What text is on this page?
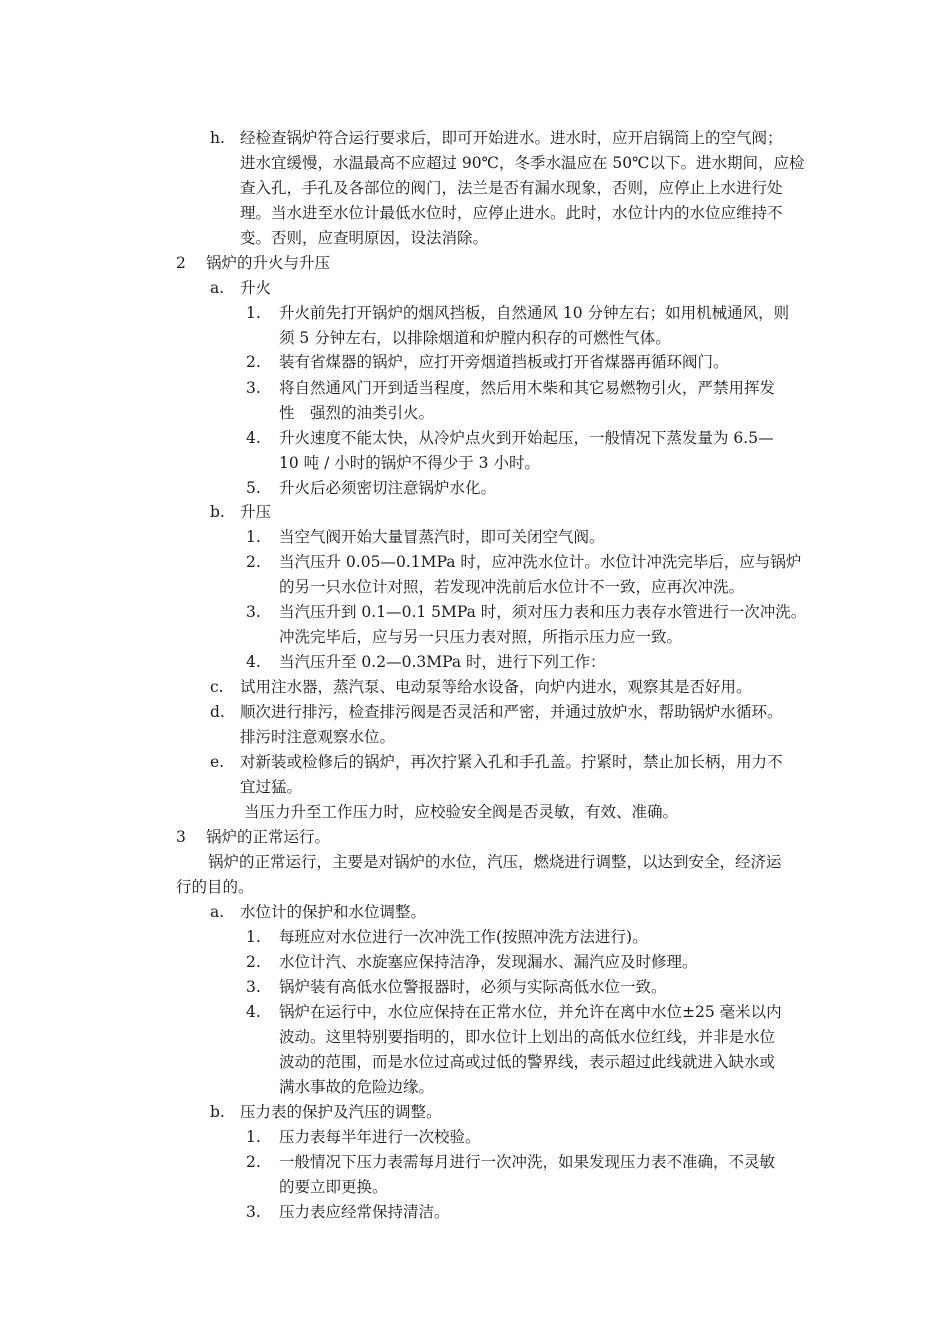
h. 经检查锅炉符合运行要求后，即可开始进水。进水时，应开启锅筒上的空气阀；
进水宜缓慢，水温最高不应超过 90℃，冬季水温应在 50℃以下。进水期间，应检
查入孔，手孔及各部位的阀门，法兰是否有漏水现象，否则，应停止上水进行处
理。当水进至水位计最低水位时，应停止进水。此时，水位计内的水位应维持不
变。否则，应查明原因，设法消除。
2 锅炉的升火与升压
a. 升火
1. 升火前先打开锅炉的烟风挡板，自然通风 10 分钟左右；如用机械通风，则
须 5 分钟左右，以排除烟道和炉膛内积存的可燃性气体。
2. 装有省煤器的锅炉，应打开旁烟道挡板或打开省煤器再循环阀门。
3. 将自然通风门开到适当程度，然后用木柴和其它易燃物引火，严禁用挥发
性　强烈的油类引火。
4. 升火速度不能太快，从冷炉点火到开始起压，一般情况下蒸发量为 6.5—
10 吨 / 小时的锅炉不得少于 3 小时。
5. 升火后必须密切注意锅炉水化。
b. 升压
1. 当空气阀开始大量冒蒸汽时，即可关闭空气阀。
2. 当汽压升 0.05—0.1MPa 时，应冲洗水位计。水位计冲洗完毕后，应与锅炉
的另一只水位计对照，若发现冲洗前后水位计不一致，应再次冲洗。
3. 当汽压升到 0.1—0.1 5MPa 时，须对压力表和压力表存水管进行一次冲洗。
冲洗完毕后，应与另一只压力表对照，所指示压力应一致。
4. 当汽压升至 0.2—0.3MPa 时，进行下列工作：
c. 试用注水器，蒸汽泵、电动泵等给水设备，向炉内进水，观察其是否好用。
d. 顺次进行排污，检查排污阀是否灵活和严密，并通过放炉水，帮助锅炉水循环。
排污时注意观察水位。
e. 对新装或检修后的锅炉，再次拧紧入孔和手孔盖。拧紧时，禁止加长柄，用力不
宜过猛。
当压力升至工作压力时，应校验安全阀是否灵敏，有效、准确。
3 锅炉的正常运行。
锅炉的正常运行，主要是对锅炉的水位，汽压，燃烧进行调整，以达到安全，经济运
行的目的。
a. 水位计的保护和水位调整。
1. 每班应对水位进行一次冲洗工作(按照冲洗方法进行)。
2. 水位计汽、水旋塞应保持洁净，发现漏水、漏汽应及时修理。
3. 锅炉装有高低水位警报器时，必须与实际高低水位一致。
4. 锅炉在运行中，水位应保持在正常水位，并允许在离中水位±25 毫米以内
波动。这里特别要指明的，即水位计上划出的高低水位红线，并非是水位
波动的范围，而是水位过高或过低的警界线，表示超过此线就进入缺水或
满水事故的危险边缘。
b. 压力表的保护及汽压的调整。
1. 压力表每半年进行一次校验。
2. 一般情况下压力表需每月进行一次冲洗，如果发现压力表不准确，不灵敏
的要立即更换。
3. 压力表应经常保持清洁。
